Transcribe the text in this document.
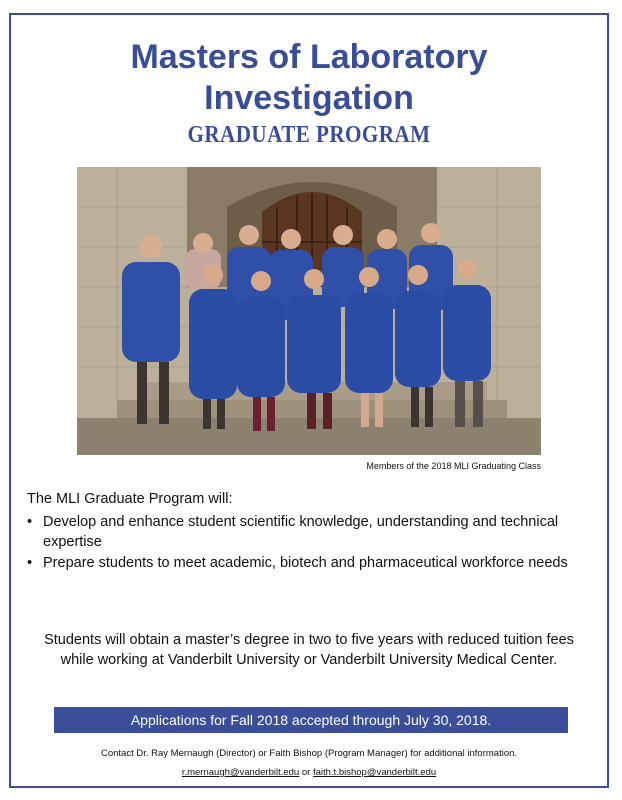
Masters of Laboratory
Investigation
GRADUATE PROGRAM
Members of the 2018 MLI Graduating Class

The MLI Graduate Program will:

• Develop and enhance student scientific knowledge, understanding and technical expertise
• Prepare students to meet academic, biotech and pharmaceutical workforce needs

Students will obtain a master’s degree in two to five years with reduced tuition fees while working at Vanderbilt University or Vanderbilt University Medical Center.

Applications for Fall 2018 accepted through July 30, 2018.
Contact Dr. Ray Mernaugh (Director) or Faith Bishop (Program Manager) for additional information.
r.mernaugh@vanderbilt.edu or faith.t.bishop@vanderbilt.edu
